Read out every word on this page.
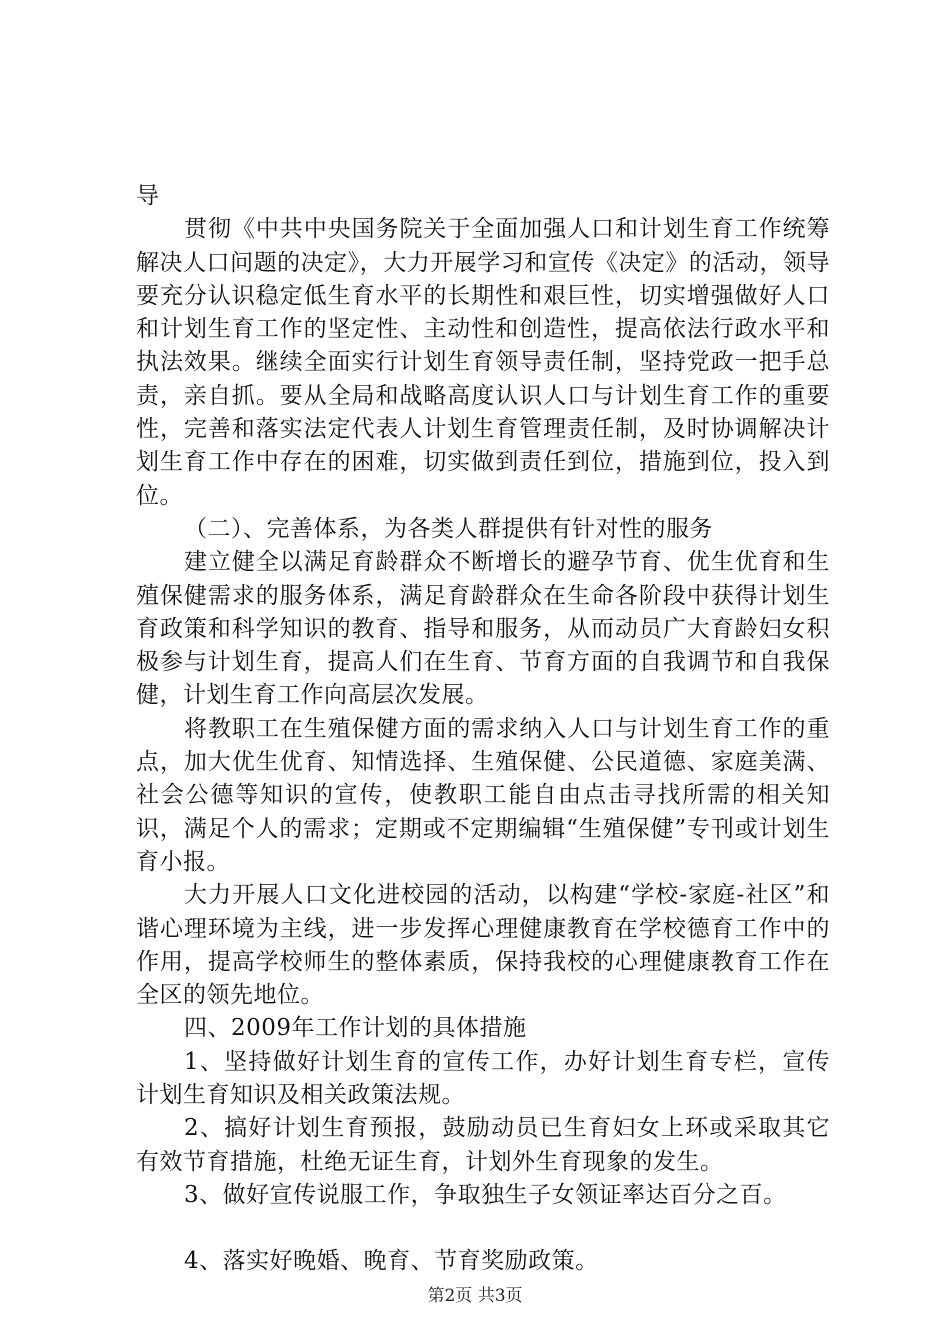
导

贯彻《中共中央国务院关于全面加强人口和计划生育工作统筹解决人口问题的决定》，大力开展学习和宣传《决定》的活动，领导要充分认识稳定低生育水平的长期性和艰巨性，切实增强做好人口和计划生育工作的坚定性、主动性和创造性，提高依法行政水平和执法效果。继续全面实行计划生育领导责任制，坚持党政一把手总责，亲自抓。要从全局和战略高度认识人口与计划生育工作的重要性，完善和落实法定代表人计划生育管理责任制，及时协调解决计划生育工作中存在的困难，切实做到责任到位，措施到位，投入到位。

（二）、完善体系，为各类人群提供有针对性的服务

建立健全以满足育龄群众不断增长的避孕节育、优生优育和生殖保健需求的服务体系，满足育龄群众在生命各阶段中获得计划生育政策和科学知识的教育、指导和服务，从而动员广大育龄妇女积极参与计划生育，提高人们在生育、节育方面的自我调节和自我保健，计划生育工作向高层次发展。

将教职工在生殖保健方面的需求纳入人口与计划生育工作的重点，加大优生优育、知情选择、生殖保健、公民道德、家庭美满、社会公德等知识的宣传，使教职工能自由点击寻找所需的相关知识，满足个人的需求；定期或不定期编辑“生殖保健”专刊或计划生育小报。

大力开展人口文化进校园的活动，以构建“学校-家庭-社区”和谐心理环境为主线，进一步发挥心理健康教育在学校德育工作中的作用，提高学校师生的整体素质，保持我校的心理健康教育工作在全区的领先地位。

四、2009年工作计划的具体措施

1、坚持做好计划生育的宣传工作，办好计划生育专栏，宣传计划生育知识及相关政策法规。

2、搞好计划生育预报，鼓励动员已生育妇女上环或采取其它有效节育措施，杜绝无证生育，计划外生育现象的发生。

3、做好宣传说服工作，争取独生子女领证率达百分之百。

4、落实好晚婚、晚育、节育奖励政策。

第2页 共3页
